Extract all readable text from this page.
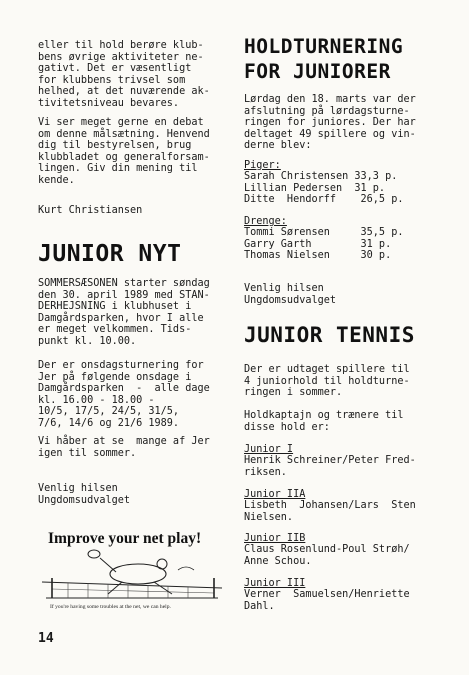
eller til hold berøre klub-
bens øvrige aktiviteter ne-
gativt. Det er væsentligt
for klubbens trivsel som
helhed, at det nuværende ak-
tivitetsniveau bevares.

Vi ser meget gerne en debat
om denne målsætning. Henvend
dig til bestyrelsen, brug
klubbladet og generalforsam-
lingen. Giv din mening til
kende.

Kurt Christiansen

JUNIOR NYT

SOMMERSÆSONEN starter søndag
den 30. april 1989 med STAN-
DERHEJSNING i klubhuset i
Damgårdsparken, hvor I alle
er meget velkommen. Tids-
punkt kl. 10.00.

Der er onsdagsturnering for
Jer på følgende onsdage i
Damgårdsparken  -  alle dage
kl. 16.00 - 18.00 -
10/5, 17/5, 24/5, 31/5,
7/6, 14/6 og 21/6 1989.

Vi håber at se  mange af Jer
igen til sommer.

Venlig hilsen
Ungdomsudvalget

Improve your net play!

If you're having some troubles at the net, we can help.

HOLDTURNERING
FOR JUNIORER

Lørdag den 18. marts var der
afslutning på lørdagsturne-
ringen for juniores. Der har
deltaget 49 spillere og vin-
derne blev:

Piger:

Sarah Christensen 33,3 p.
Lillian Pedersen  31 p.
Ditte  Hendorff    26,5 p.

Drenge:

Tommi Sørensen     35,5 p.
Garry Garth        31 p.
Thomas Nielsen     30 p.

Venlig hilsen
Ungdomsudvalget

JUNIOR TENNIS

Der er udtaget spillere til
4 juniorhold til holdturne-
ringen i sommer.

Holdkaptajn og trænere til
disse hold er:

Junior I

Henrik Schreiner/Peter Fred-
riksen.

Junior IIA

Lisbeth  Johansen/Lars  Sten
Nielsen.

Junior IIB

Claus Rosenlund-Poul Strøh/
Anne Schou.

Junior III

Verner  Samuelsen/Henriette
Dahl.

14
